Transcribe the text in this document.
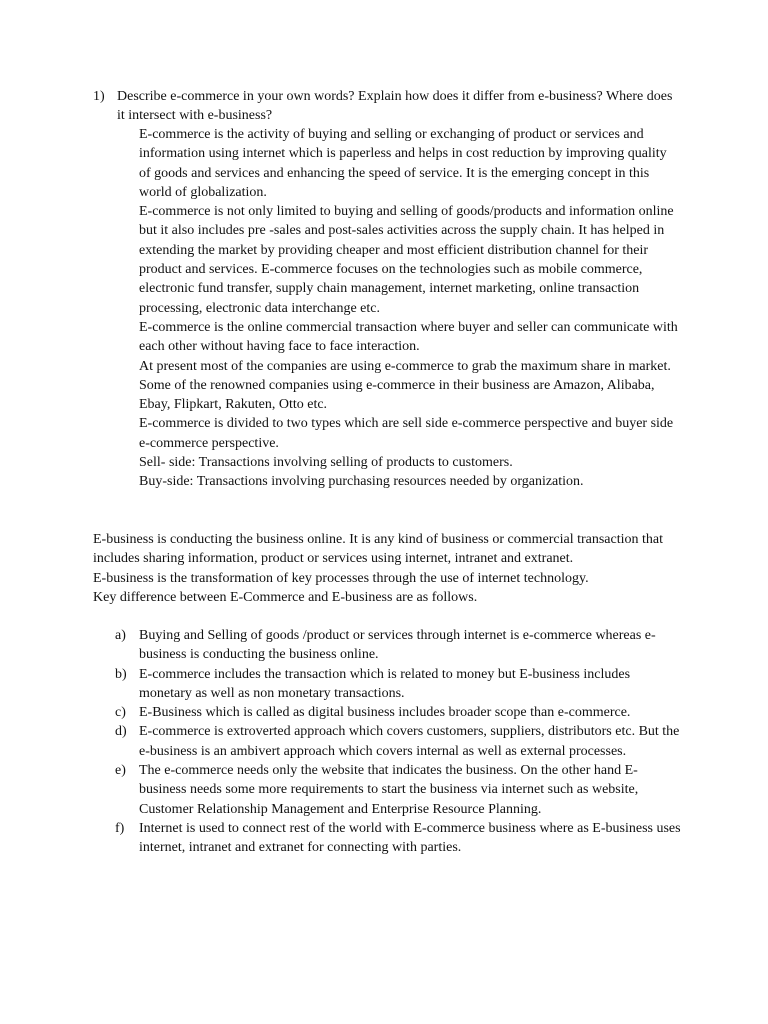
1) Describe e-commerce in your own words? Explain how does it differ from e-business? Where does it intersect with e-business?

E-commerce is the activity of buying and selling or exchanging of product or services and information using internet which is paperless and helps in cost reduction by improving quality of goods and services and enhancing the speed of service. It is the emerging concept in this world of globalization.

E-commerce is not only limited to buying and selling of goods/products and information online but it also includes pre -sales and post-sales activities across the supply chain. It has helped in extending the market by providing cheaper and most efficient distribution channel for their product and services. E-commerce focuses on the technologies such as mobile commerce, electronic fund transfer, supply chain management, internet marketing, online transaction processing, electronic data interchange etc.

E-commerce is the online commercial transaction where buyer and seller can communicate with each other without having face to face interaction.

At present most of the companies are using e-commerce to grab the maximum share in market.

Some of the renowned companies using e-commerce in their business are Amazon, Alibaba, Ebay, Flipkart, Rakuten, Otto etc.

E-commerce is divided to two types which are sell side e-commerce perspective and buyer side e-commerce perspective.

Sell- side: Transactions involving selling of products to customers.

Buy-side: Transactions involving purchasing resources needed by organization.

E-business is conducting the business online. It is any kind of business or commercial transaction that includes sharing information, product or services using internet, intranet and extranet.

E-business is the transformation of key processes through the use of internet technology.

Key difference between E-Commerce and E-business are as follows.

a) Buying and Selling of goods /product or services through internet is e-commerce whereas e-business is conducting the business online.
b) E-commerce includes the transaction which is related to money but E-business includes monetary as well as non monetary transactions.
c) E-Business which is called as digital business includes broader scope than e-commerce.
d) E-commerce is extroverted approach which covers customers, suppliers, distributors etc. But the e-business is an ambivert approach which covers internal as well as external processes.
e) The e-commerce needs only the website that indicates the business. On the other hand E-business needs some more requirements to start the business via internet such as website, Customer Relationship Management and Enterprise Resource Planning.
f) Internet is used to connect rest of the world with E-commerce business where as E-business uses internet, intranet and extranet for connecting with parties.
